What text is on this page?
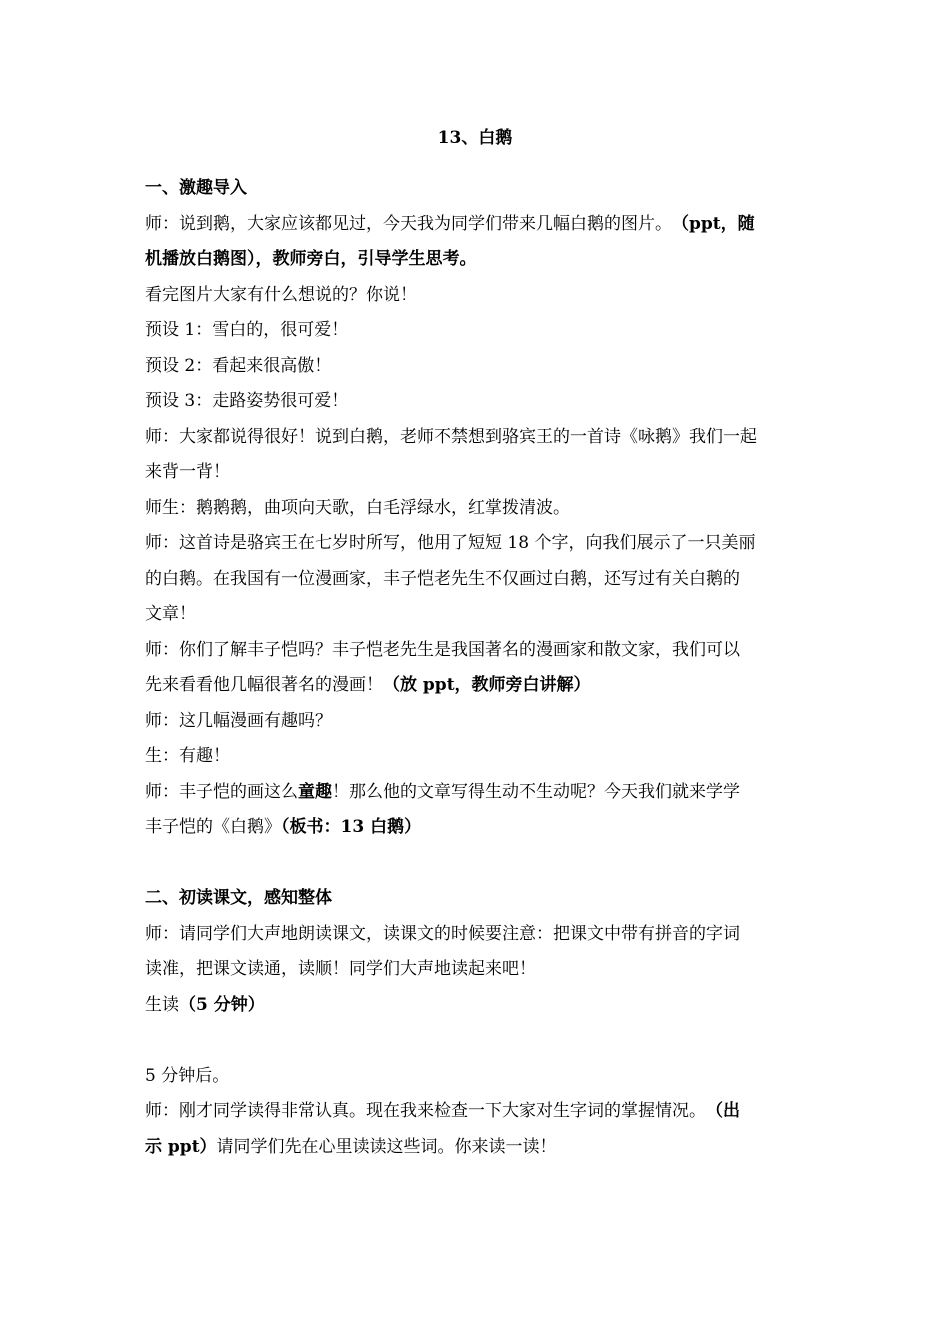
13、白鹅
一、激趣导入
师：说到鹅，大家应该都见过，今天我为同学们带来几幅白鹅的图片。　（ppt，随
机播放白鹅图），教师旁白，引导学生思考。
看完图片大家有什么想说的？你说！
预设 1：雪白的，很可爱！
预设 2：看起来很高傲！
预设 3：走路姿势很可爱！
师：大家都说得很好！说到白鹅，老师不禁想到骆宾王的一首诗《咏鹅》我们一起
来背一背！
师生：鹅鹅鹅，曲项向天歌，白毛浮绿水，红掌拨清波。
师：这首诗是骆宾王在七岁时所写，他用了短短 18 个字，向我们展示了一只美丽
的白鹅。在我国有一位漫画家，丰子恺老先生不仅画过白鹅，还写过有关白鹅的
文章！
师：你们了解丰子恺吗？丰子恺老先生是我国著名的漫画家和散文家，我们可以
先来看看他几幅很著名的漫画！（放 ppt，教师旁白讲解）
师：这几幅漫画有趣吗？
生：有趣！
师：丰子恺的画这么童趣！那么他的文章写得生动不生动呢？今天我们就来学学
丰子恺的《白鹅》（板书：13 白鹅）
二、初读课文，感知整体
师：请同学们大声地朗读课文，读课文的时候要注意：把课文中带有拼音的字词
读准，把课文读通，读顺！同学们大声地读起来吧！
生读（5 分钟）
5 分钟后。
师：刚才同学读得非常认真。现在我来检查一下大家对生字词的掌握情况。　（出
示 ppt）请同学们先在心里读读这些词。你来读一读！
